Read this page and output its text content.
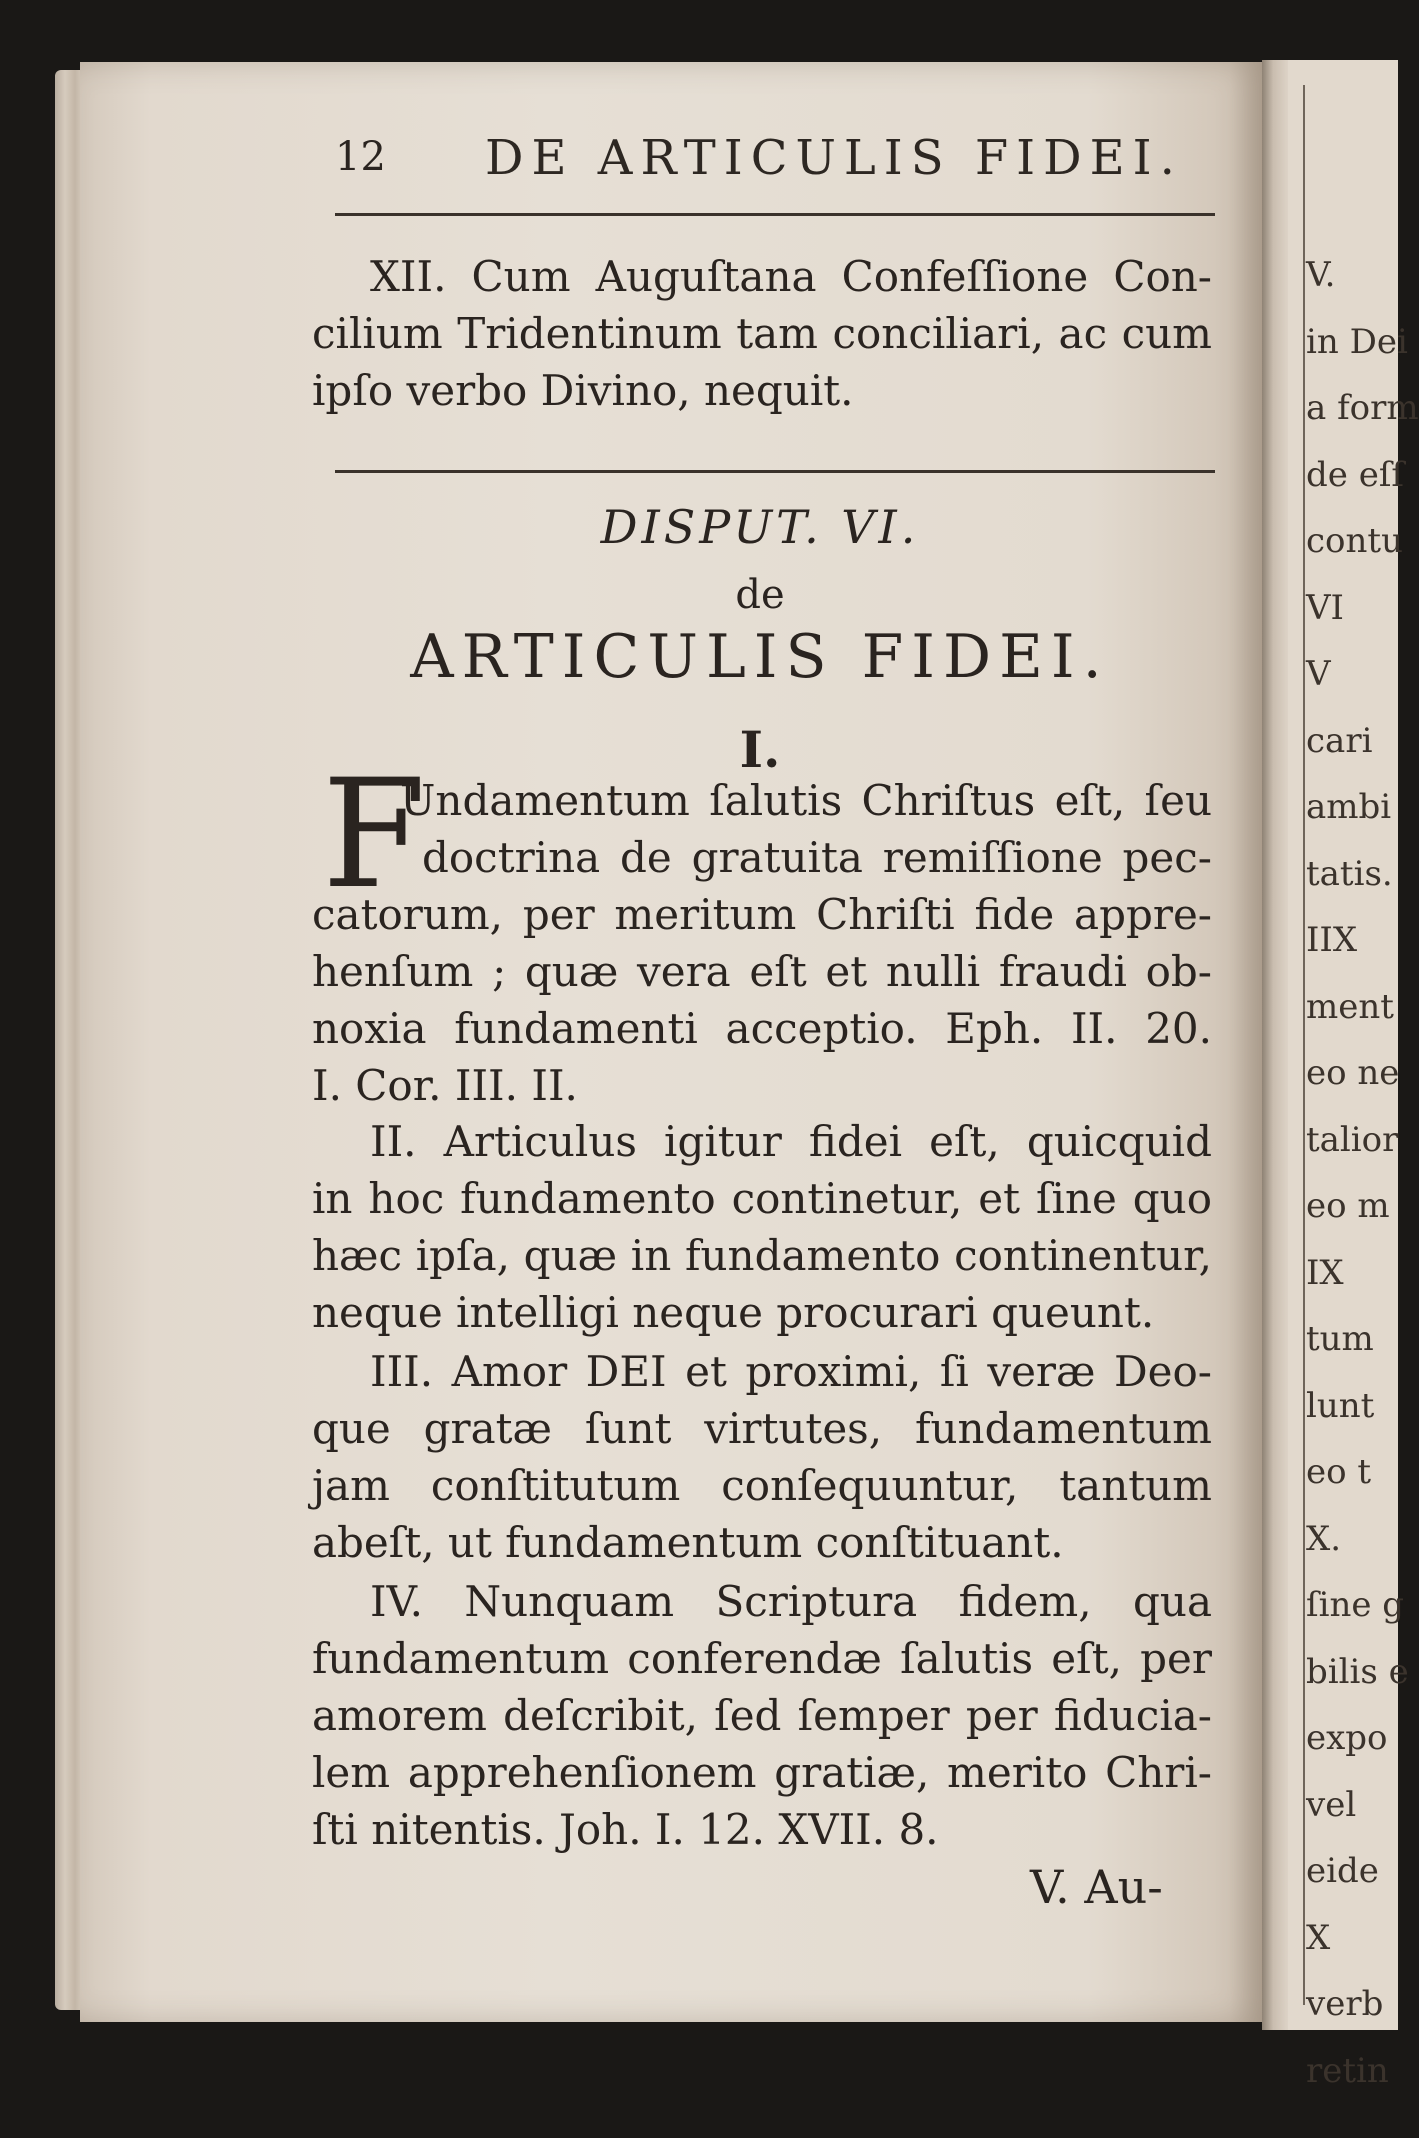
V.
in Dei
a form
de eſſ
contu
VI
V
cari
ambi
tatis.
IIX
ment
eo ne
talior
eo m
IX
tum
lunt
eo t
X.
ſine g
bilis e
expo
vel
eide
X
verb
retin
12 DE ARTICULIS FIDEI.
XII. Cum Auguſtana Confeſſione Con-
cilium Tridentinum tam conciliari, ac cum
ipſo verbo Divino, nequit.
DISPUT. VI.
de
ARTICULIS FIDEI.
I.
F
Undamentum ſalutis Chriſtus eſt, ſeu
doctrina de gratuita remiſſione pec-
catorum, per meritum Chriſti fide appre-
henſum ; quæ vera eſt et nulli fraudi ob-
noxia fundamenti acceptio. Eph. II. 20.
I. Cor. III. II.
II. Articulus igitur fidei eſt, quicquid
in hoc fundamento continetur, et ſine quo
hæc ipſa, quæ in fundamento continentur,
neque intelligi neque procurari queunt.
III. Amor DEI et proximi, ſi veræ Deo-
que gratæ ſunt virtutes, fundamentum
jam conſtitutum conſequuntur, tantum
abeſt, ut fundamentum conſtituant.
IV. Nunquam Scriptura fidem, qua
fundamentum conferendæ ſalutis eſt, per
amorem deſcribit, ſed ſemper per fiducia-
lem apprehenſionem gratiæ, merito Chri-
ſti nitentis. Joh. I. 12. XVII. 8.
V. Au-
